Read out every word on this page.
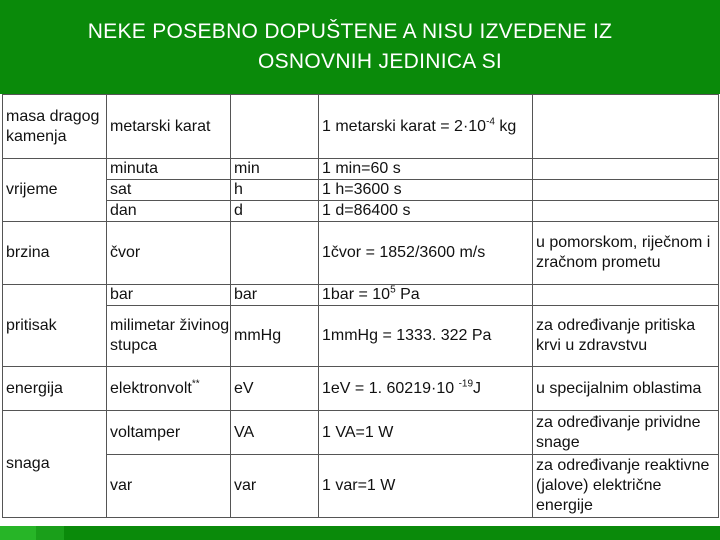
NEKE POSEBNO DOPUŠTENE A NISU IZVEDENE IZ
OSNOVNIH JEDINICA SI
masa dragog kamenja	metarski karat		1 metarski karat = $2\cdot 10^{-4}$ kg	
vrijeme	minuta	min	1 min=60 s	
	sat	h	1 h=3600 s	
	dan	d	1 d=86400 s	
brzina	čvor		1čvor = 1852/3600 m/s	u pomorskom, riječnom i zračnom prometu
pritisak	bar	bar	$1bar = 10^5$ Pa	
	milimetar živinog stupca	mmHg	1mmHg = 1333. 322 Pa	za određivanje pritiska krvi u zdravstvu
energija	elektronvolt**	eV	1eV = 1. 60219·10 $^{-19}$J	u specijalnim oblastima
snaga	voltamper	VA	1 VA=1 W	za određivanje prividne snage
	var	var	1 var=1 W	za određivanje reaktivne (jalove) električne energije
